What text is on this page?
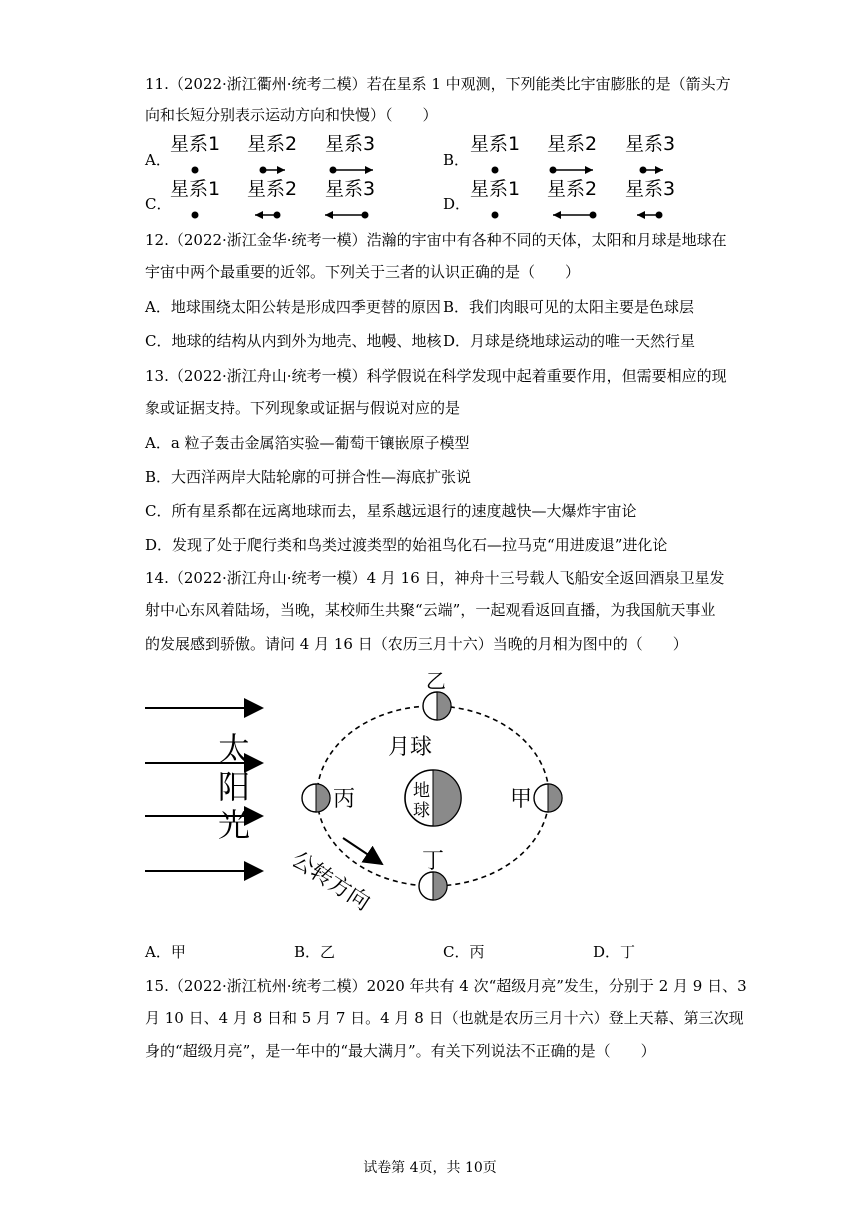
11.（2022·浙江衢州·统考二模）若在星系 1 中观测，下列能类比宇宙膨胀的是（箭头方
向和长短分别表示运动方向和快慢）（　　）
A．
星系1 星系2 星系3
B．
星系1 星系2 星系3
C．
星系1 星系2 星系3
D．
星系1 星系2 星系3
12.（2022·浙江金华·统考一模）浩瀚的宇宙中有各种不同的天体，太阳和月球是地球在
宇宙中两个最重要的近邻。下列关于三者的认识正确的是（　　）
A．地球围绕太阳公转是形成四季更替的原因 B．我们肉眼可见的太阳主要是色球层
C．地球的结构从内到外为地壳、地幔、地核 D．月球是绕地球运动的唯一天然行星
13.（2022·浙江舟山·统考一模）科学假说在科学发现中起着重要作用，但需要相应的现
象或证据支持。下列现象或证据与假说对应的是
A．a 粒子轰击金属箔实验—葡萄干镶嵌原子模型
B．大西洋两岸大陆轮廓的可拼合性—海底扩张说
C．所有星系都在远离地球而去，星系越远退行的速度越快—大爆炸宇宙论
D．发现了处于爬行类和鸟类过渡类型的始祖鸟化石—拉马克“用进废退”进化论
14.（2022·浙江舟山·统考一模）4 月 16 日，神舟十三号载人飞船安全返回酒泉卫星发
射中心东风着陆场，当晚，某校师生共聚“云端”，一起观看返回直播，为我国航天事业
的发展感到骄傲。请问 4 月 16 日（农历三月十六）当晚的月相为图中的（　　）
太
阳
光
月球
地
球
乙
丙	甲
丁
公转方向
A．甲	B．乙	C．丙	D．丁
15.（2022·浙江杭州·统考二模）2020 年共有 4 次“超级月亮”发生，分别于 2 月 9 日、3
月 10 日、4 月 8 日和 5 月 7 日。4 月 8 日（也就是农历三月十六）登上天幕、第三次现
身的“超级月亮”，是一年中的“最大满月”。有关下列说法不正确的是（　　）
试卷第 4页，共 10页
